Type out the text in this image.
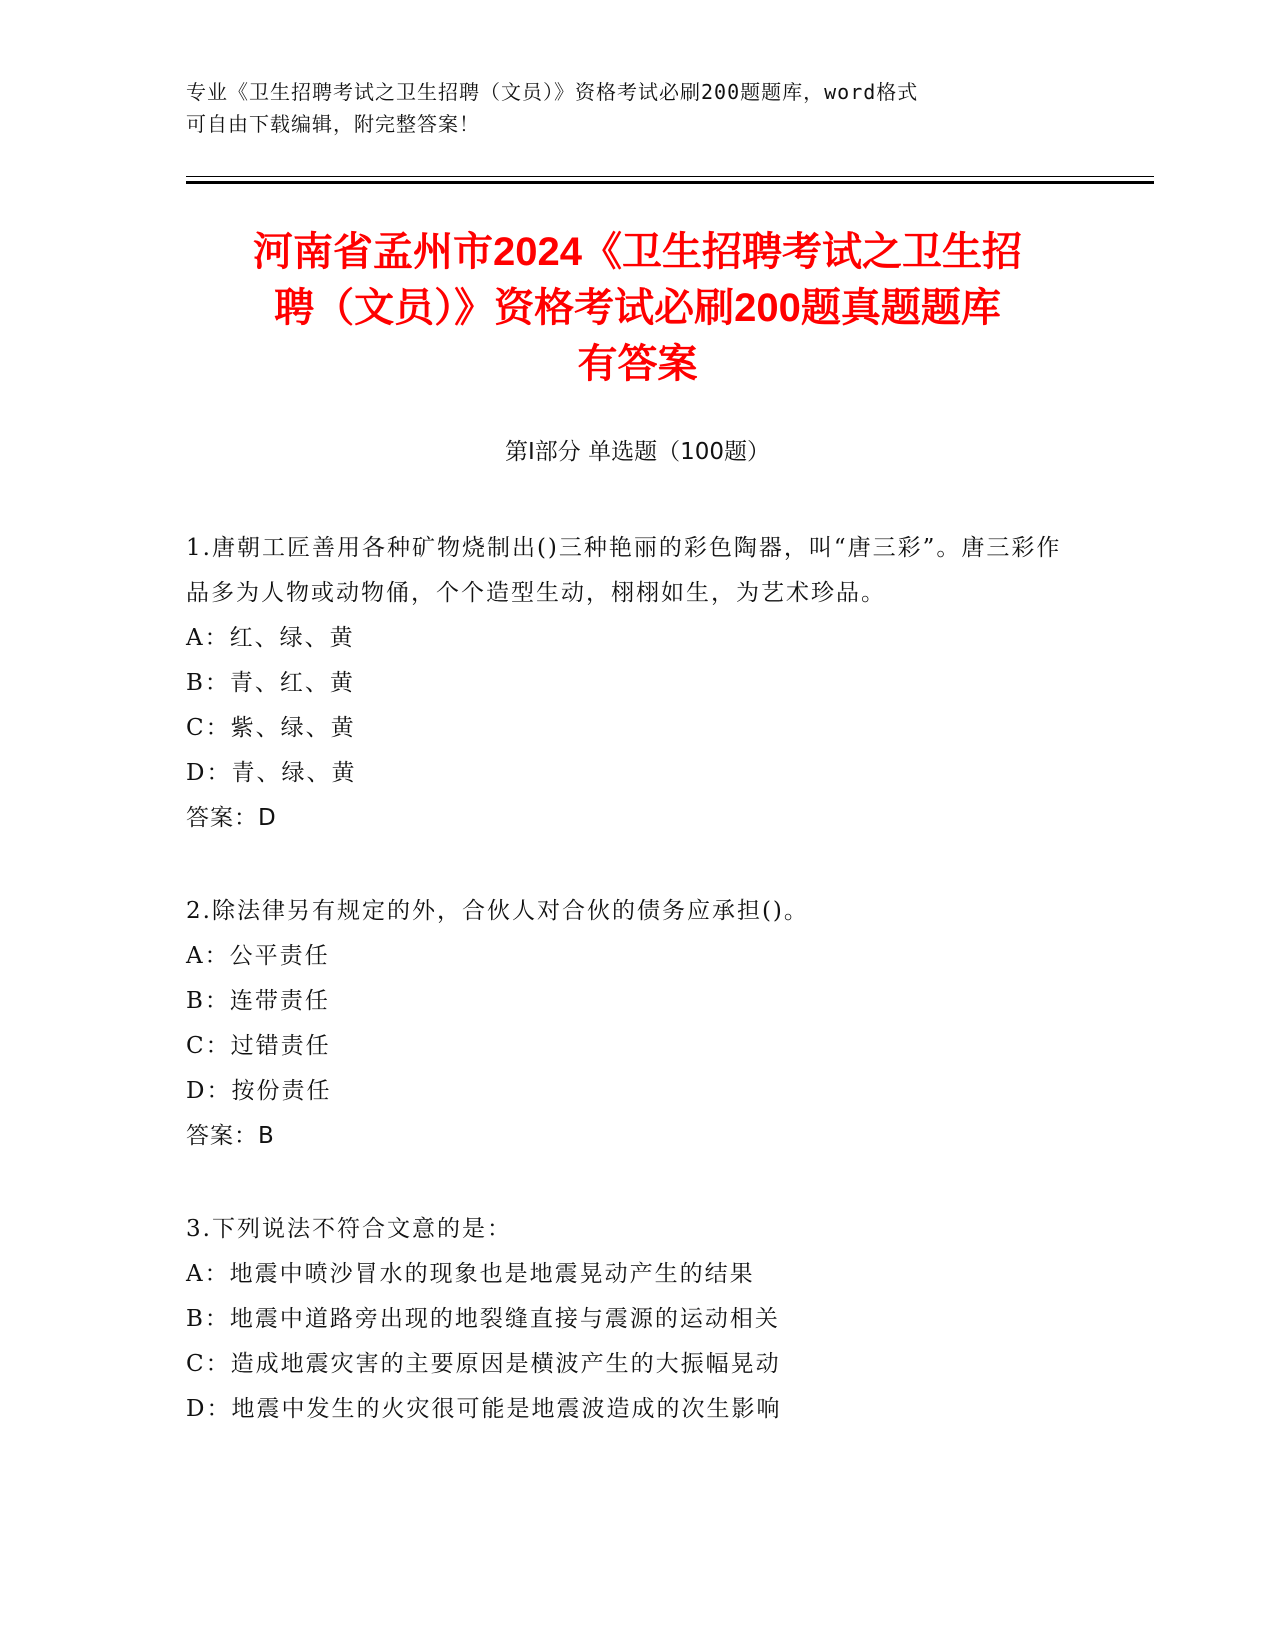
专业《卫生招聘考试之卫生招聘（文员）》资格考试必刷200题题库，word格式
可自由下载编辑，附完整答案！
河南省孟州市2024《卫生招聘考试之卫生招
聘（文员）》资格考试必刷200题真题题库
有答案
第Ⅰ部分 单选题（100题）
1.唐朝工匠善用各种矿物烧制出()三种艳丽的彩色陶器，叫“唐三彩”。唐三彩作品多为人物或动物俑，个个造型生动，栩栩如生，为艺术珍品。
A：红、绿、黄
B：青、红、黄
C：紫、绿、黄
D：青、绿、黄
答案：D
2.除法律另有规定的外，合伙人对合伙的债务应承担()。
A：公平责任
B：连带责任
C：过错责任
D：按份责任
答案：B
3.下列说法不符合文意的是：
A：地震中喷沙冒水的现象也是地震晃动产生的结果
B：地震中道路旁出现的地裂缝直接与震源的运动相关
C：造成地震灾害的主要原因是横波产生的大振幅晃动
D：地震中发生的火灾很可能是地震波造成的次生影响
